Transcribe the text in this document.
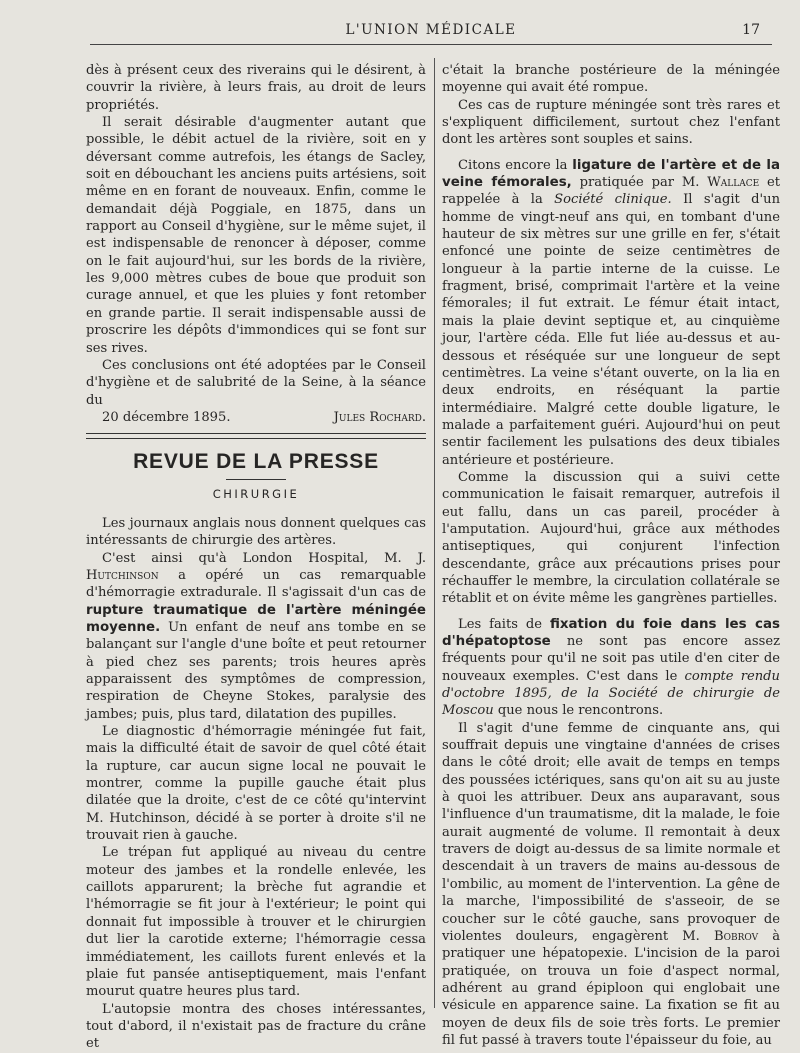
L'UNION MÉDICALE	17

dès à présent ceux des riverains qui le désirent, à couvrir la rivière, à leurs frais, au droit de leurs propriétés.

Il serait désirable d'augmenter autant que possible, le débit actuel de la rivière, soit en y déversant comme autrefois, les étangs de Sacley, soit en débouchant les anciens puits artésiens, soit même en en forant de nouveaux. Enfin, comme le demandait déjà Poggiale, en 1875, dans un rapport au Conseil d'hygiène, sur le même sujet, il est indispensable de renoncer à déposer, comme on le fait aujourd'hui, sur les bords de la rivière, les 9,000 mètres cubes de boue que produit son curage annuel, et que les pluies y font retomber en grande partie. Il serait indispensable aussi de proscrire les dépôts d'immondices qui se font sur ses rives.

Ces conclusions ont été adoptées par le Conseil d'hygiène et de salubrité de la Seine, à la séance du

20 décembre 1895.	Jules Rochard.

REVUE DE LA PRESSE
CHIRURGIE

Les journaux anglais nous donnent quelques cas intéressants de chirurgie des artères.

C'est ainsi qu'à London Hospital, M. J. Hutchinson a opéré un cas remarquable d'hémorragie extradurale. Il s'agissait d'un cas de rupture traumatique de l'artère méningée moyenne. Un enfant de neuf ans tombe en se balançant sur l'angle d'une boîte et peut retourner à pied chez ses parents; trois heures après apparaissent des symptômes de compression, respiration de Cheyne Stokes, paralysie des jambes; puis, plus tard, dilatation des pupilles.

Le diagnostic d'hémorragie méningée fut fait, mais la difficulté était de savoir de quel côté était la rupture, car aucun signe local ne pouvait le montrer, comme la pupille gauche était plus dilatée que la droite, c'est de ce côté qu'intervint M. Hutchinson, décidé à se porter à droite s'il ne trouvait rien à gauche.

Le trépan fut appliqué au niveau du centre moteur des jambes et la rondelle enlevée, les caillots apparurent; la brèche fut agrandie et l'hémorragie se fit jour à l'extérieur; le point qui donnait fut impossible à trouver et le chirurgien dut lier la carotide externe; l'hémorragie cessa immédiatement, les caillots furent enlevés et la plaie fut pansée antiseptiquement, mais l'enfant mourut quatre heures plus tard.

L'autopsie montra des choses intéressantes, tout d'abord, il n'existait pas de fracture du crâne et

c'était la branche postérieure de la méningée moyenne qui avait été rompue.

Ces cas de rupture méningée sont très rares et s'expliquent difficilement, surtout chez l'enfant dont les artères sont souples et sains.

Citons encore la ligature de l'artère et de la veine fémorales, pratiquée par M. Wallace et rappelée à la Société clinique. Il s'agit d'un homme de vingt-neuf ans qui, en tombant d'une hauteur de six mètres sur une grille en fer, s'était enfoncé une pointe de seize centimètres de longueur à la partie interne de la cuisse. Le fragment, brisé, comprimait l'artère et la veine fémorales; il fut extrait. Le fémur était intact, mais la plaie devint septique et, au cinquième jour, l'artère céda. Elle fut liée au-dessus et au-dessous et réséquée sur une longueur de sept centimètres. La veine s'étant ouverte, on la lia en deux endroits, en réséquant la partie intermédiaire. Malgré cette double ligature, le malade a parfaitement guéri. Aujourd'hui on peut sentir facilement les pulsations des deux tibiales antérieure et postérieure.

Comme la discussion qui a suivi cette communication le faisait remarquer, autrefois il eut fallu, dans un cas pareil, procéder à l'amputation. Aujourd'hui, grâce aux méthodes antiseptiques, qui conjurent l'infection descendante, grâce aux précautions prises pour réchauffer le membre, la circulation collatérale se rétablit et on évite même les gangrènes partielles.

Les faits de fixation du foie dans les cas d'hépatoptose ne sont pas encore assez fréquents pour qu'il ne soit pas utile d'en citer de nouveaux exemples. C'est dans le compte rendu d'octobre 1895, de la Société de chirurgie de Moscou que nous le rencontrons.

Il s'agit d'une femme de cinquante ans, qui souffrait depuis une vingtaine d'années de crises dans le côté droit; elle avait de temps en temps des poussées ictériques, sans qu'on ait su au juste à quoi les attribuer. Deux ans auparavant, sous l'influence d'un traumatisme, dit la malade, le foie aurait augmenté de volume. Il remontait à deux travers de doigt au-dessus de sa limite normale et descendait à un travers de mains au-dessous de l'ombilic, au moment de l'intervention. La gêne de la marche, l'impossibilité de s'asseoir, de se coucher sur le côté gauche, sans provoquer de violentes douleurs, engagèrent M. Bobrov à pratiquer une hépatopexie. L'incision de la paroi pratiquée, on trouva un foie d'aspect normal, adhérent au grand épiploon qui englobait une vésicule en apparence saine. La fixation se fit au moyen de deux fils de soie très forts. Le premier fil fut passé à travers toute l'épaisseur du foie, au
